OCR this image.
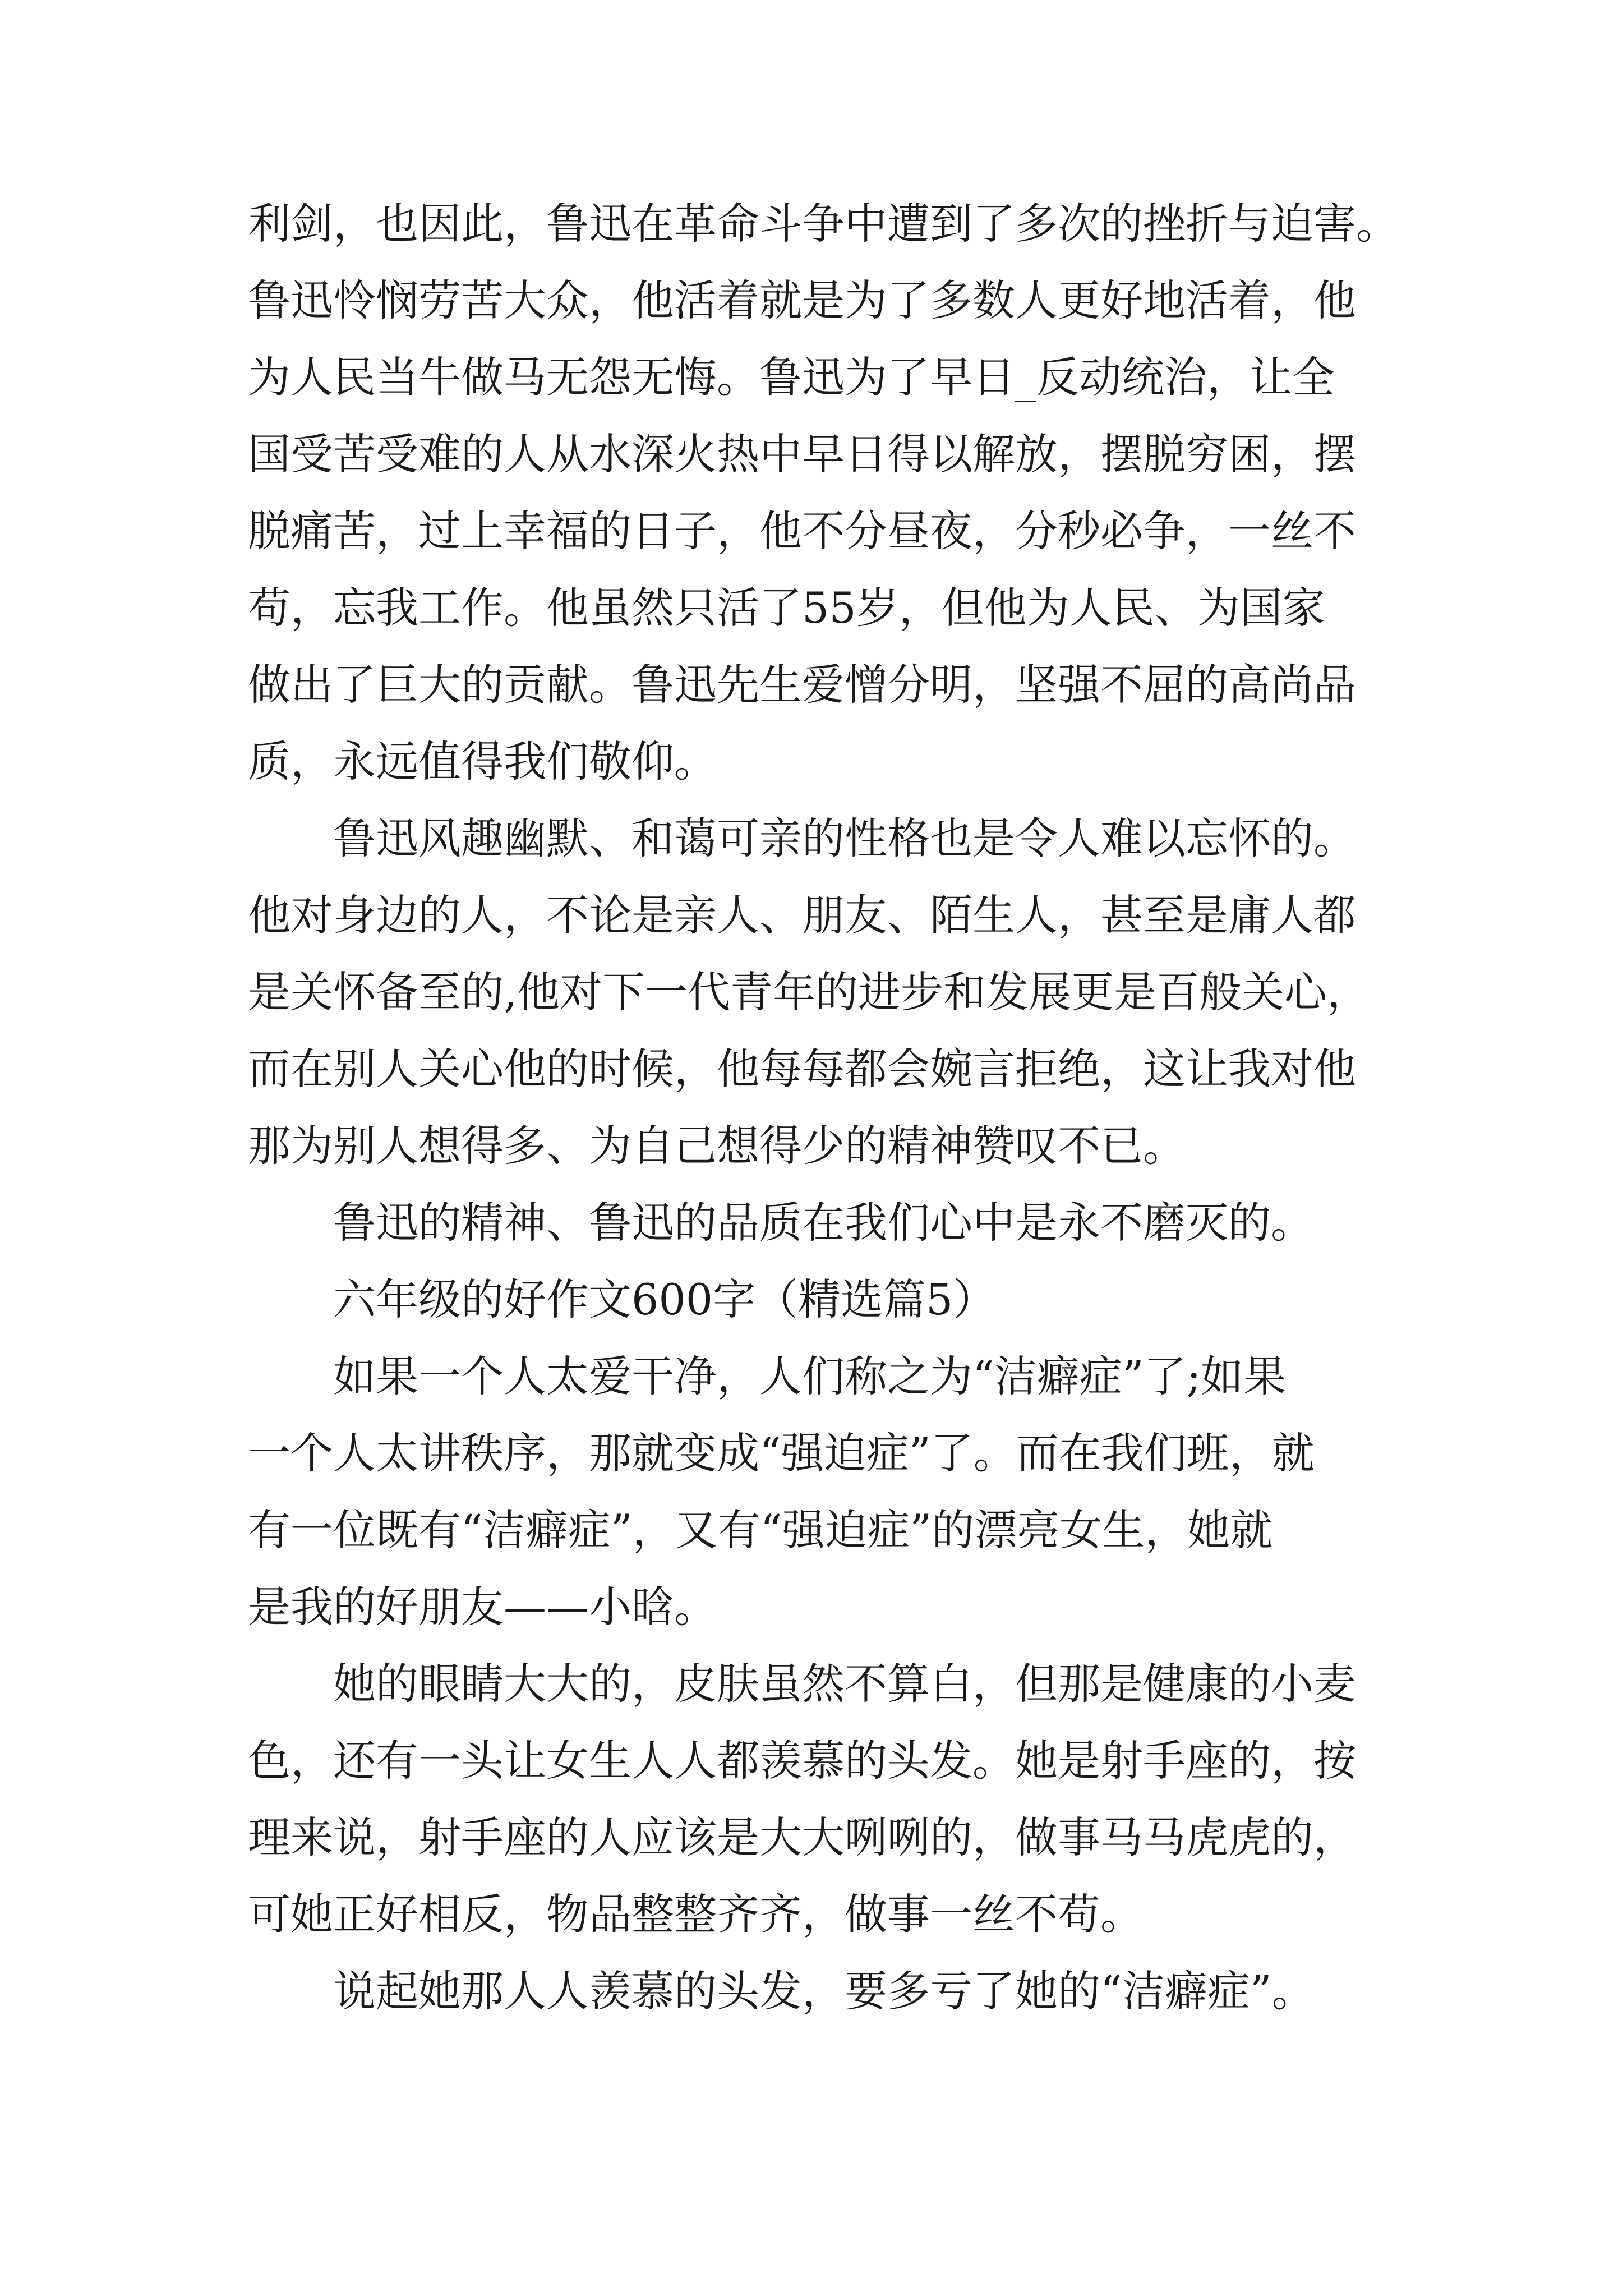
利剑，也因此，鲁迅在革命斗争中遭到了多次的挫折与迫害。
鲁迅怜悯劳苦大众，他活着就是为了多数人更好地活着，他
为人民当牛做马无怨无悔。鲁迅为了早日_反动统治，让全
国受苦受难的人从水深火热中早日得以解放，摆脱穷困，摆
脱痛苦，过上幸福的日子，他不分昼夜，分秒必争，一丝不
苟，忘我工作。他虽然只活了55岁，但他为人民、为国家
做出了巨大的贡献。鲁迅先生爱憎分明，坚强不屈的高尚品
质，永远值得我们敬仰。
鲁迅风趣幽默、和蔼可亲的性格也是令人难以忘怀的。
他对身边的人，不论是亲人、朋友、陌生人，甚至是庸人都
是关怀备至的,他对下一代青年的进步和发展更是百般关心，
而在别人关心他的时候，他每每都会婉言拒绝，这让我对他
那为别人想得多、为自己想得少的精神赞叹不已。
鲁迅的精神、鲁迅的品质在我们心中是永不磨灭的。
六年级的好作文600字（精选篇5）
如果一个人太爱干净，人们称之为“洁癖症”了;如果
一个人太讲秩序，那就变成“强迫症”了。而在我们班，就
有一位既有“洁癖症”，又有“强迫症”的漂亮女生，她就
是我的好朋友——小晗。
她的眼睛大大的，皮肤虽然不算白，但那是健康的小麦
色，还有一头让女生人人都羡慕的头发。她是射手座的，按
理来说，射手座的人应该是大大咧咧的，做事马马虎虎的，
可她正好相反，物品整整齐齐，做事一丝不苟。
说起她那人人羡慕的头发，要多亏了她的“洁癖症”。
